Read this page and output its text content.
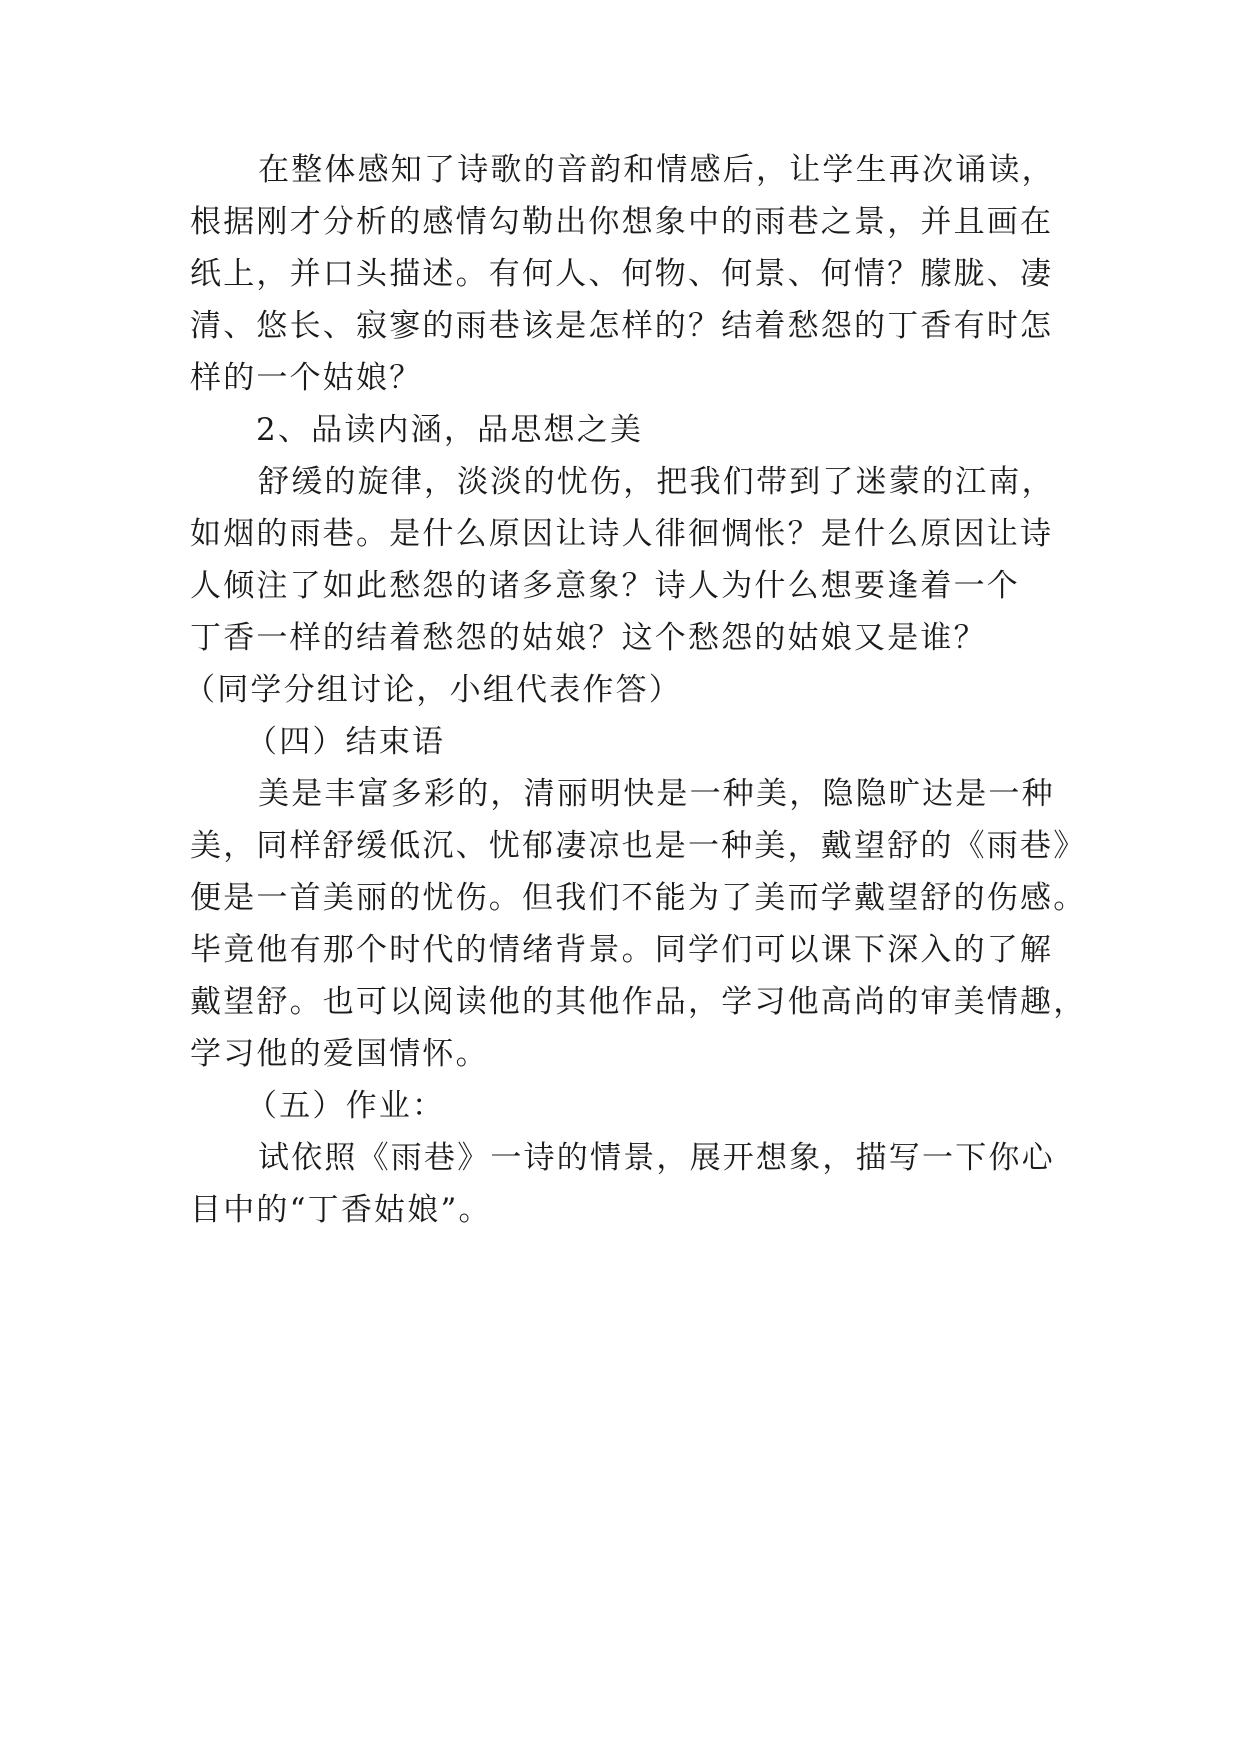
在整体感知了诗歌的音韵和情感后，让学生再次诵读，
根据刚才分析的感情勾勒出你想象中的雨巷之景，并且画在
纸上，并口头描述。有何人、何物、何景、何情？朦胧、凄
清、悠长、寂寥的雨巷该是怎样的？结着愁怨的丁香有时怎
样的一个姑娘？
2、品读内涵，品思想之美
舒缓的旋律，淡淡的忧伤，把我们带到了迷蒙的江南，
如烟的雨巷。是什么原因让诗人徘徊惆怅？是什么原因让诗
人倾注了如此愁怨的诸多意象？诗人为什么想要逢着一个
丁香一样的结着愁怨的姑娘？这个愁怨的姑娘又是谁？
（同学分组讨论，小组代表作答）
（四）结束语
美是丰富多彩的，清丽明快是一种美，隐隐旷达是一种
美，同样舒缓低沉、忧郁凄凉也是一种美，戴望舒的《雨巷》
便是一首美丽的忧伤。但我们不能为了美而学戴望舒的伤感。
毕竟他有那个时代的情绪背景。同学们可以课下深入的了解
戴望舒。也可以阅读他的其他作品，学习他高尚的审美情趣，
学习他的爱国情怀。
（五）作业：
试依照《雨巷》一诗的情景，展开想象，描写一下你心
目中的“丁香姑娘”。
